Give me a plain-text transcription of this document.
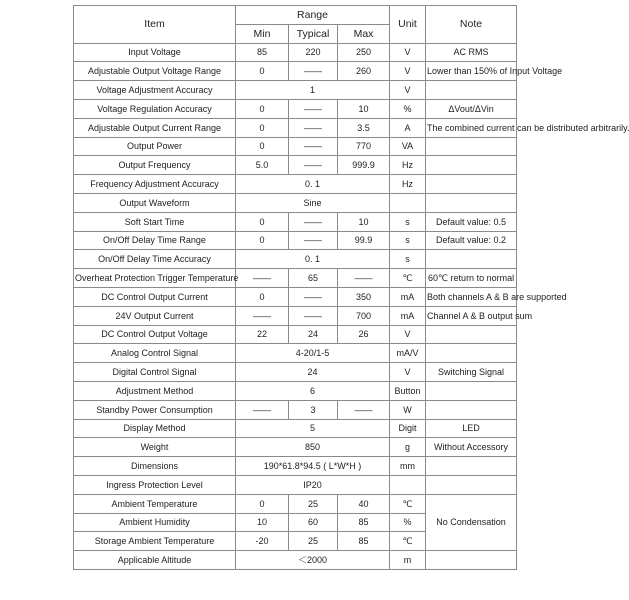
Item	Range			Unit	Note
	Min	Typical	Max		
Input Voltage	85	220	250	V	AC RMS
Adjustable Output Voltage Range	0	——	260	V	Lower than 150% of Input Voltage
Voltage Adjustment Accuracy	1			V	
Voltage Regulation Accuracy	0	——	10	%	ΔVout/ΔVin
Adjustable Output Current Range	0	——	3.5	A	The combined current can be distributed arbitrarily.
Output Power	0	——	770	VA	
Output Frequency	5.0	——	999.9	Hz	
Frequency Adjustment Accuracy	0. 1			Hz	
Output Waveform	Sine				
Soft Start Time	0	——	10	s	Default value: 0.5
On/Off Delay Time Range	0	——	99.9	s	Default value: 0.2
On/Off Delay Time Accuracy	0. 1			s	
Overheat Protection Trigger Temperature	——	65	——	℃	60℃ return to normal
DC Control Output Current	0	——	350	mA	Both channels A & B are supported
24V Output Current	——	——	700	mA	Channel A & B output sum
DC Control Output Voltage	22	24	26	V	
Analog Control Signal	4-20/1-5			mA/V	
Digital Control Signal	24			V	Switching Signal
Adjustment Method	6			Button	
Standby Power Consumption	——	3	——	W	
Display Method	5			Digit	LED
Weight	850			g	Without Accessory
Dimensions	190*61.8*94.5 ( L*W*H )			mm	
Ingress Protection Level	IP20				
Ambient Temperature	0	25	40	℃	No Condensation
Ambient Humidity	10	60	85	%	
Storage Ambient Temperature	-20	25	85	℃	
Applicable Altitude	＜2000			m	
